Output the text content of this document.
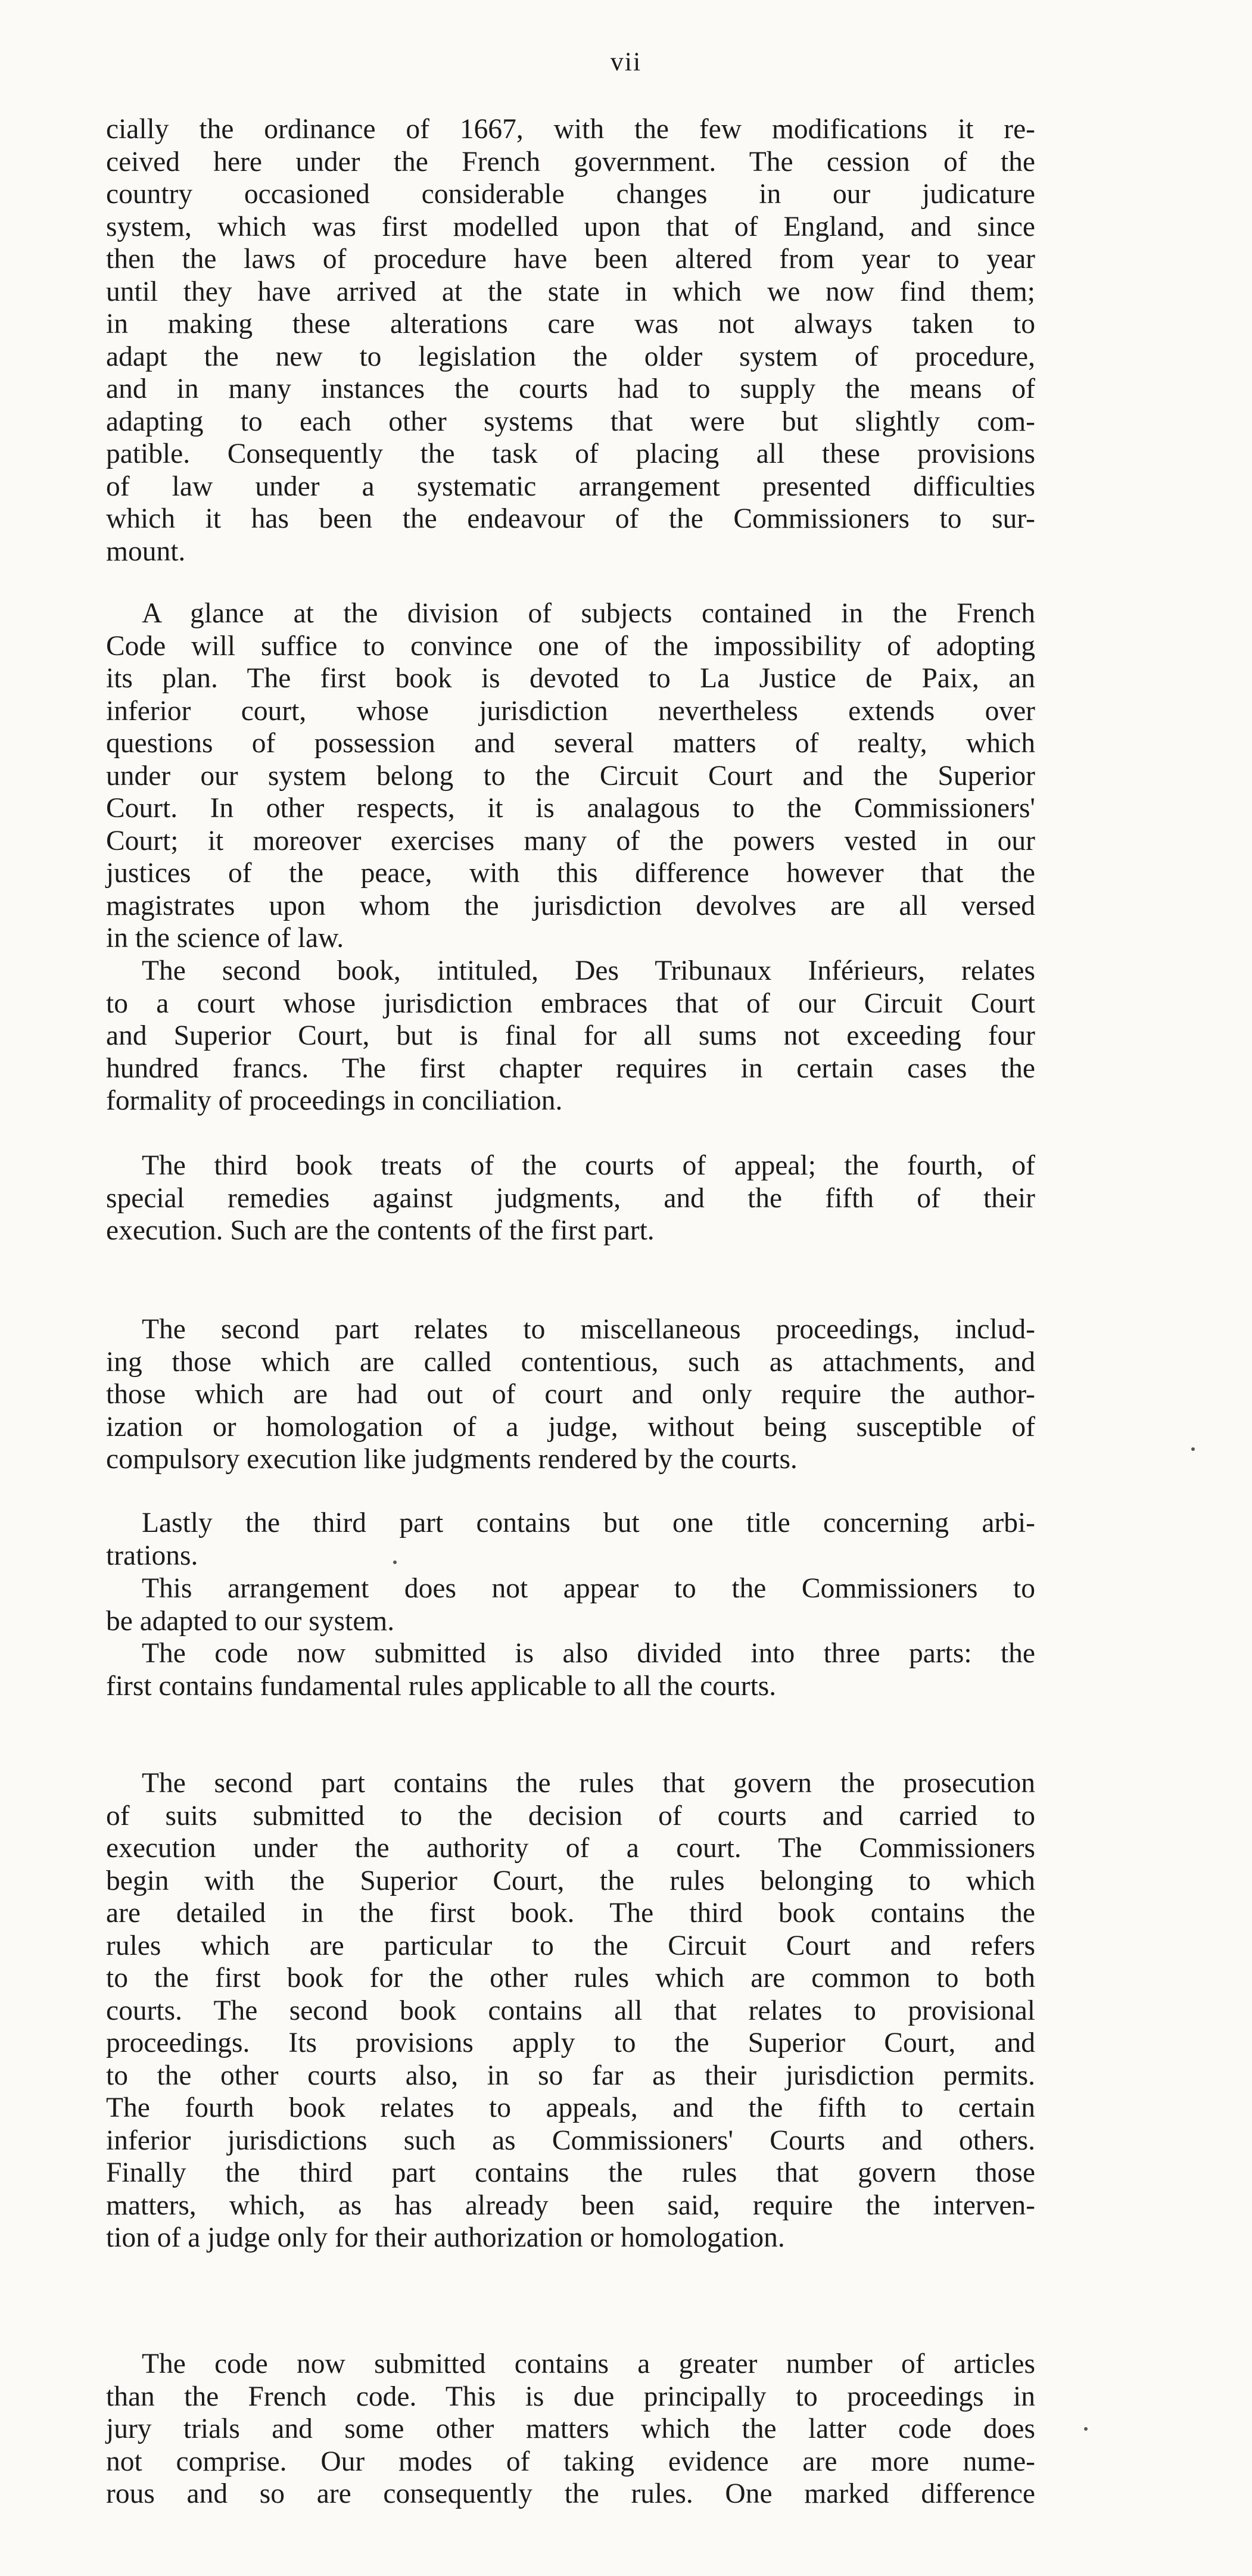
vii
cially the ordinance of 1667, with the few modifications it re-
ceived here under the French government. The cession of the
country occasioned considerable changes in our judicature
system, which was first modelled upon that of England, and since
then the laws of procedure have been altered from year to year
until they have arrived at the state in which we now find them;
in making these alterations care was not always taken to
adapt the new to legislation the older system of procedure,
and in many instances the courts had to supply the means of
adapting to each other systems that were but slightly com-
patible. Consequently the task of placing all these provisions
of law under a systematic arrangement presented difficulties
which it has been the endeavour of the Commissioners to sur-
mount.
A glance at the division of subjects contained in the French
Code will suffice to convince one of the impossibility of adopting
its plan. The first book is devoted to La Justice de Paix, an
inferior court, whose jurisdiction nevertheless extends over
questions of possession and several matters of realty, which
under our system belong to the Circuit Court and the Superior
Court. In other respects, it is analagous to the Commissioners'
Court; it moreover exercises many of the powers vested in our
justices of the peace, with this difference however that the
magistrates upon whom the jurisdiction devolves are all versed
in the science of law.
The second book, intituled, Des Tribunaux Inférieurs, relates
to a court whose jurisdiction embraces that of our Circuit Court
and Superior Court, but is final for all sums not exceeding four
hundred francs. The first chapter requires in certain cases the
formality of proceedings in conciliation.
The third book treats of the courts of appeal; the fourth, of
special remedies against judgments, and the fifth of their
execution. Such are the contents of the first part.
The second part relates to miscellaneous proceedings, includ-
ing those which are called contentious, such as attachments, and
those which are had out of court and only require the author-
ization or homologation of a judge, without being susceptible of
compulsory execution like judgments rendered by the courts.
Lastly the third part contains but one title concerning arbi-
trations.
This arrangement does not appear to the Commissioners to
be adapted to our system.
The code now submitted is also divided into three parts: the
first contains fundamental rules applicable to all the courts.
The second part contains the rules that govern the prosecution
of suits submitted to the decision of courts and carried to
execution under the authority of a court. The Commissioners
begin with the Superior Court, the rules belonging to which
are detailed in the first book. The third book contains the
rules which are particular to the Circuit Court and refers
to the first book for the other rules which are common to both
courts. The second book contains all that relates to provisional
proceedings. Its provisions apply to the Superior Court, and
to the other courts also, in so far as their jurisdiction permits.
The fourth book relates to appeals, and the fifth to certain
inferior jurisdictions such as Commissioners' Courts and others.
Finally the third part contains the rules that govern those
matters, which, as has already been said, require the interven-
tion of a judge only for their authorization or homologation.
The code now submitted contains a greater number of articles
than the French code. This is due principally to proceedings in
jury trials and some other matters which the latter code does
not comprise. Our modes of taking evidence are more nume-
rous and so are consequently the rules. One marked difference
